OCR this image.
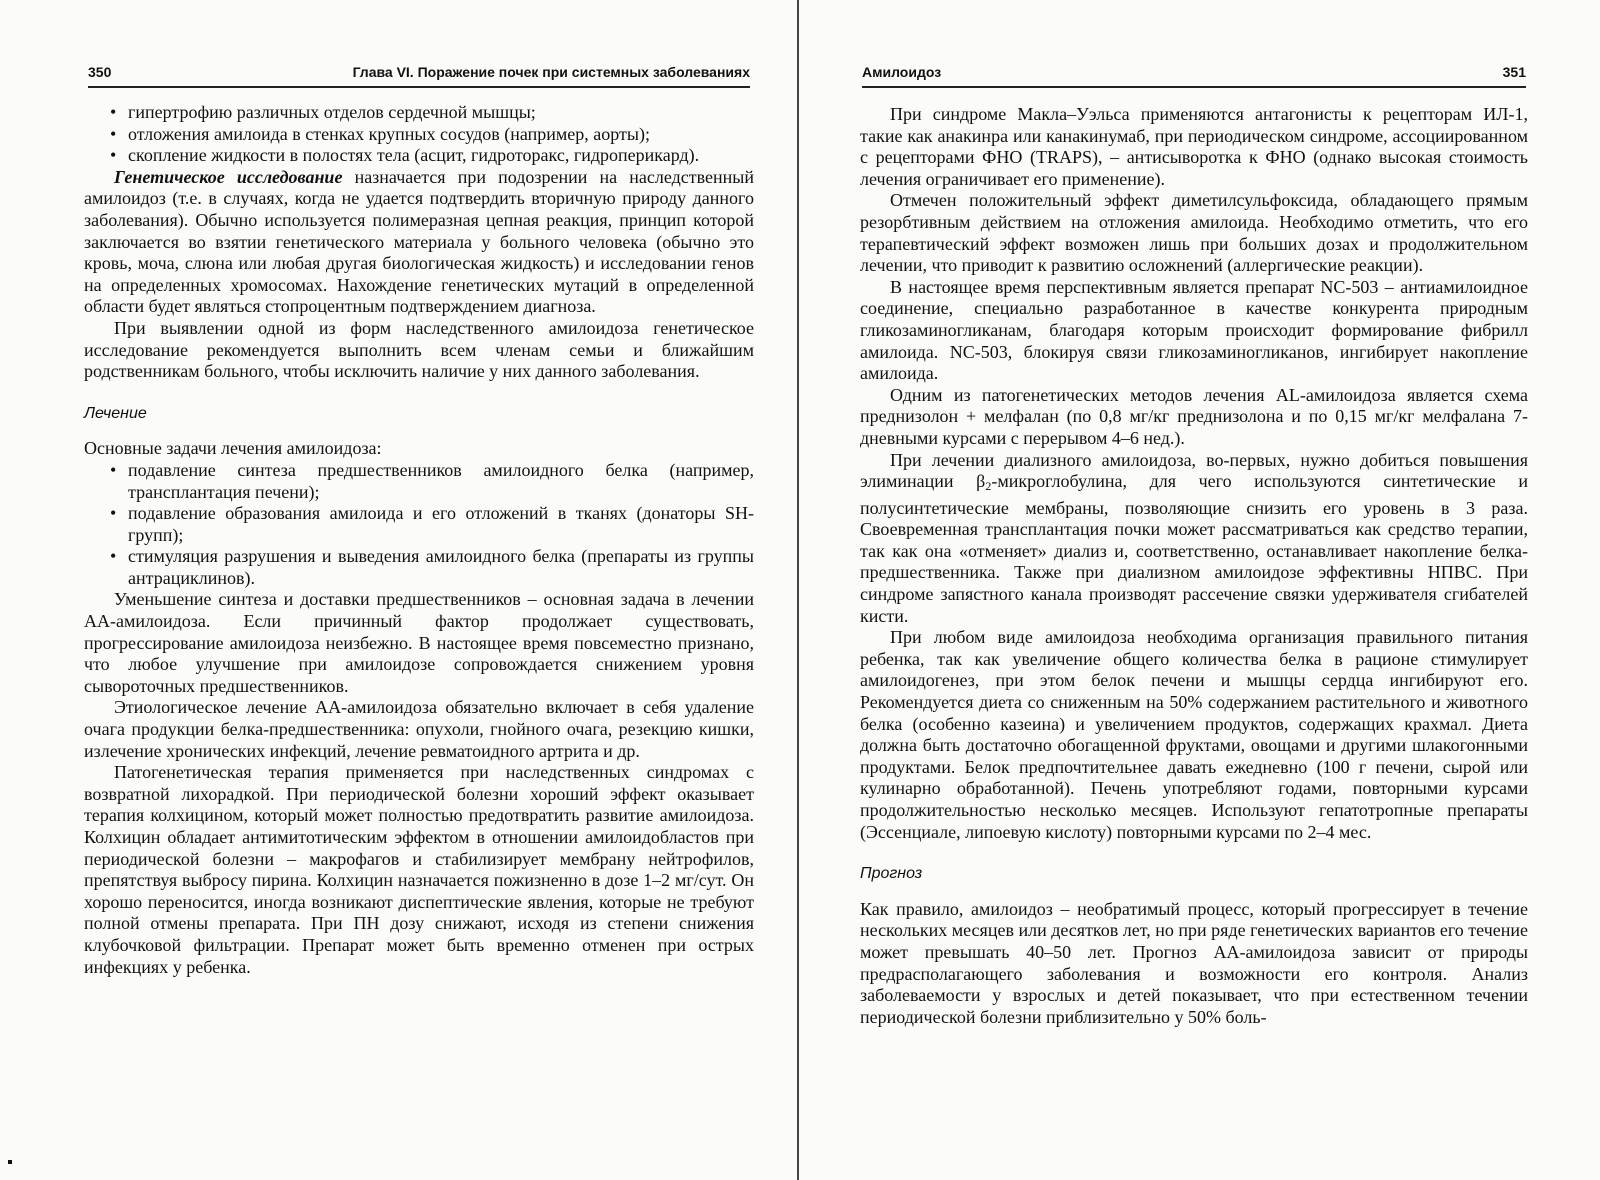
350	Глава VI. Поражение почек при системных заболеваниях
• гипертрофию различных отделов сердечной мышцы;
• отложения амилоида в стенках крупных сосудов (например, аорты);
• скопление жидкости в полостях тела (асцит, гидроторакс, гидроперикард).

Генетическое исследование назначается при подозрении на наследственный амилоидоз (т.е. в случаях, когда не удается подтвердить вторичную природу данного заболевания). Обычно используется полимеразная цепная реакция, принцип которой заключается во взятии генетического материала у больного человека (обычно это кровь, моча, слюна или любая другая биологическая жидкость) и исследовании генов на определенных хромосомах. Нахождение генетических мутаций в определенной области будет являться стопроцентным подтверждением диагноза.

При выявлении одной из форм наследственного амилоидоза генетическое исследование рекомендуется выполнить всем членам семьи и ближайшим родственникам больного, чтобы исключить наличие у них данного заболевания.

Лечение

Основные задачи лечения амилоидоза:

• подавление синтеза предшественников амилоидного белка (например, трансплантация печени);
• подавление образования амилоида и его отложений в тканях (донаторы SH-групп);
• стимуляция разрушения и выведения амилоидного белка (препараты из группы антрациклинов).

Уменьшение синтеза и доставки предшественников – основная задача в лечении АА-амилоидоза. Если причинный фактор продолжает существовать, прогрессирование амилоидоза неизбежно. В настоящее время повсеместно признано, что любое улучшение при амилоидозе сопровождается снижением уровня сывороточных предшественников.

Этиологическое лечение АА-амилоидоза обязательно включает в себя удаление очага продукции белка-предшественника: опухоли, гнойного очага, резекцию кишки, излечение хронических инфекций, лечение ревматоидного артрита и др.

Патогенетическая терапия применяется при наследственных синдромах с возвратной лихорадкой. При периодической болезни хороший эффект оказывает терапия колхицином, который может полностью предотвратить развитие амилоидоза. Колхицин обладает антимитотическим эффектом в отношении амилоидобластов при периодической болезни – макрофагов и стабилизирует мембрану нейтрофилов, препятствуя выбросу пирина. Колхицин назначается пожизненно в дозе 1–2 мг/сут. Он хорошо переносится, иногда возникают диспептические явления, которые не требуют полной отмены препарата. При ПН дозу снижают, исходя из степени снижения клубочковой фильтрации. Препарат может быть временно отменен при острых инфекциях у ребенка.

Амилоидоз	351

При синдроме Макла–Уэльса применяются антагонисты к рецепторам ИЛ-1, такие как анакинра или канакинумаб, при периодическом синдроме, ассоциированном с рецепторами ФНО (TRAPS), – антисыворотка к ФНО (однако высокая стоимость лечения ограничивает его применение).

Отмечен положительный эффект диметилсульфоксида, обладающего прямым резорбтивным действием на отложения амилоида. Необходимо отметить, что его терапевтический эффект возможен лишь при больших дозах и продолжительном лечении, что приводит к развитию осложнений (аллергические реакции).

В настоящее время перспективным является препарат NC-503 – антиамилоидное соединение, специально разработанное в качестве конкурента природным гликозаминогликанам, благодаря которым происходит формирование фибрилл амилоида. NC-503, блокируя связи гликозаминогликанов, ингибирует накопление амилоида.

Одним из патогенетических методов лечения AL-амилоидоза является схема преднизолон + мелфалан (по 0,8 мг/кг преднизолона и по 0,15 мг/кг мелфалана 7-дневными курсами с перерывом 4–6 нед.).

При лечении диализного амилоидоза, во-первых, нужно добиться повышения элиминации $\beta_2$-микроглобулина, для чего используются синтетические и полусинтетические мембраны, позволяющие снизить его уровень в 3 раза. Своевременная трансплантация почки может рассматриваться как средство терапии, так как она «отменяет» диализ и, соответственно, останавливает накопление белка-предшественника. Также при диализном амилоидозе эффективны НПВС. При синдроме запястного канала производят рассечение связки удерживателя сгибателей кисти.

При любом виде амилоидоза необходима организация правильного питания ребенка, так как увеличение общего количества белка в рационе стимулирует амилоидогенез, при этом белок печени и мышцы сердца ингибируют его. Рекомендуется диета со сниженным на 50% содержанием растительного и животного белка (особенно казеина) и увеличением продуктов, содержащих крахмал. Диета должна быть достаточно обогащенной фруктами, овощами и другими шлакогонными продуктами. Белок предпочтительнее давать ежедневно (100 г печени, сырой или кулинарно обработанной). Печень употребляют годами, повторными курсами продолжительностью несколько месяцев. Используют гепатотропные препараты (Эссенциале, липоевую кислоту) повторными курсами по 2–4 мес.

Прогноз

Как правило, амилоидоз – необратимый процесс, который прогрессирует в течение нескольких месяцев или десятков лет, но при ряде генетических вариантов его течение может превышать 40–50 лет. Прогноз АА-амилоидоза зависит от природы предрасполагающего заболевания и возможности его контроля. Анализ заболеваемости у взрослых и детей показывает, что при естественном течении периодической болезни приблизительно у 50% боль-
